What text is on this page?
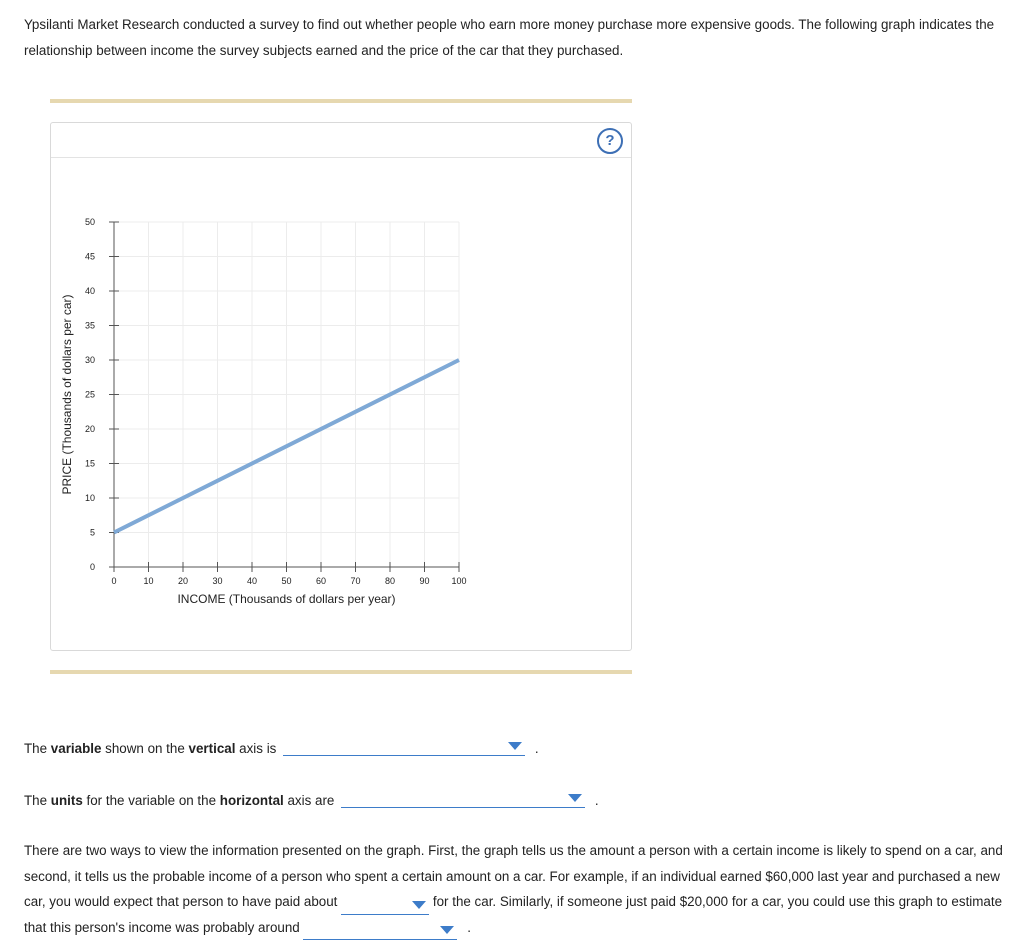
Ypsilanti Market Research conducted a survey to find out whether people who earn more money purchase more expensive goods. The following graph indicates the relationship between income the survey subjects earned and the price of the car that they purchased.
?
0	10	20	30	40	50	60	70	80	90 100
0
5
10
15
20
25
30
35
40
45
50
INCOME (Thousands of dollars per year)
PRICE (Thousands of dollars per car)
The variable shown on the vertical axis is	.
The units for the variable on the horizontal axis are	.
There are two ways to view the information presented on the graph. First, the graph tells us the amount a person with a certain income is likely to spend on a car, and second, it tells us the probable income of a person who spent a certain amount on a car. For example, if an individual earned $60,000 last year and purchased a new car, you would expect that person to have paid about	for the car. Similarly, if someone just paid $20,000 for a car, you could use this graph to estimate that this person's income was probably around	.
